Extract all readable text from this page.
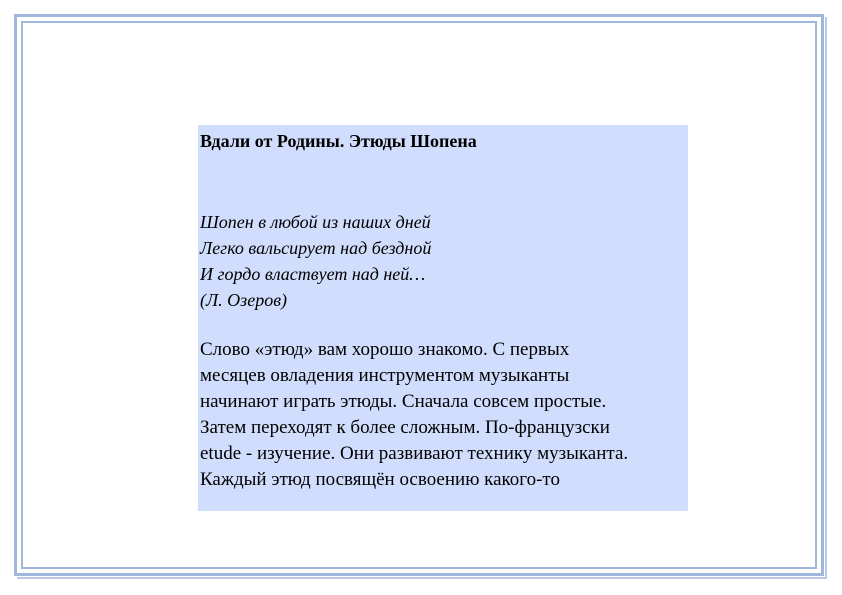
Вдали от Родины. Этюды Шопена

Шопен в любой из наших дней
Легко вальсирует над бездной
И гордо властвует над ней…
(Л. Озеров)
Слово «этюд» вам хорошо знакомо. С первых
месяцев овладения инструментом музыканты
начинают играть этюды. Сначала совсем простые.
Затем переходят к более сложным. По-французски
etude - изучение. Они развивают технику музыканта.
Каждый этюд посвящён освоению какого-то
